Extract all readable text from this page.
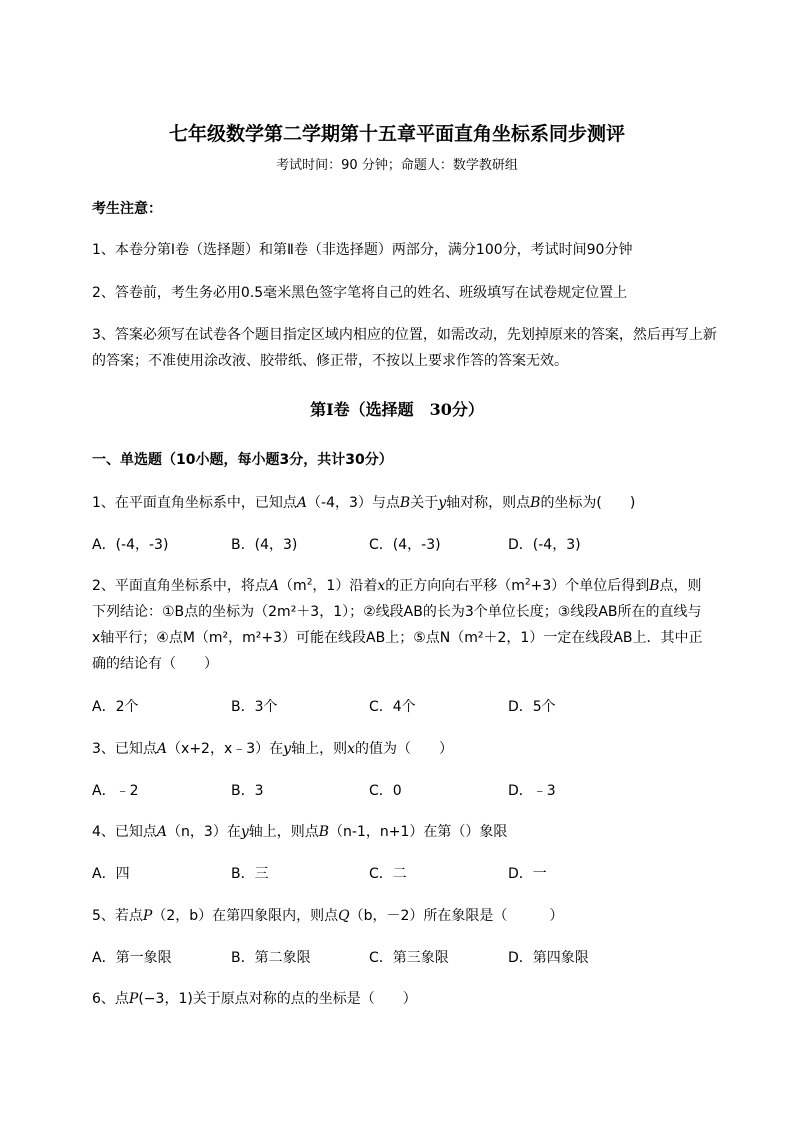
七年级数学第二学期第十五章平面直角坐标系同步测评
考试时间：90 分钟；命题人：数学教研组
考生注意：
1、本卷分第Ⅰ卷（选择题）和第Ⅱ卷（非选择题）两部分，满分100分，考试时间90分钟
2、答卷前，考生务必用0.5毫米黑色签字笔将自己的姓名、班级填写在试卷规定位置上
3、答案必须写在试卷各个题目指定区域内相应的位置，如需改动，先划掉原来的答案，然后再写上新
的答案；不准使用涂改液、胶带纸、修正带，不按以上要求作答的答案无效。
第Ⅰ卷（选择题　30分）
一、单选题（10小题，每小题3分，共计30分）
1、在平面直角坐标系中，已知点A（-4，3）与点B关于y轴对称，则点B的坐标为(　　)
A．(-4，-3)	B．(4，3)	C．(4，-3)	D．(-4，3)
2、平面直角坐标系中，将点$A(m^2$，1）沿着x的正方向向右平移$(m^2+3)$个单位后得到B点，则
下列结论：①B点的坐标为（2m²＋3，1）；②线段AB的长为3个单位长度；③线段AB所在的直线与
x轴平行；④点M（m²，m²+3）可能在线段AB上；⑤点N（m²＋2，1）一定在线段AB上．其中正
确的结论有（　　）
A．2个	B．3个	C．4个	D．5个
3、已知点A（x+2，x﹣3）在y轴上，则x的值为（　　）
A．﹣2	B．3	C．0	D．﹣3
4、已知点A（n，3）在y轴上，则点B（n-1，n+1）在第（）象限
A．四	B．三	C．二	D．一
5、若点P（2，b）在第四象限内，则点Q（b，－2）所在象限是（　　　）
A．第一象限	B．第二象限	C．第三象限	D．第四象限
6、点P(−3，1)关于原点对称的点的坐标是（　　）
